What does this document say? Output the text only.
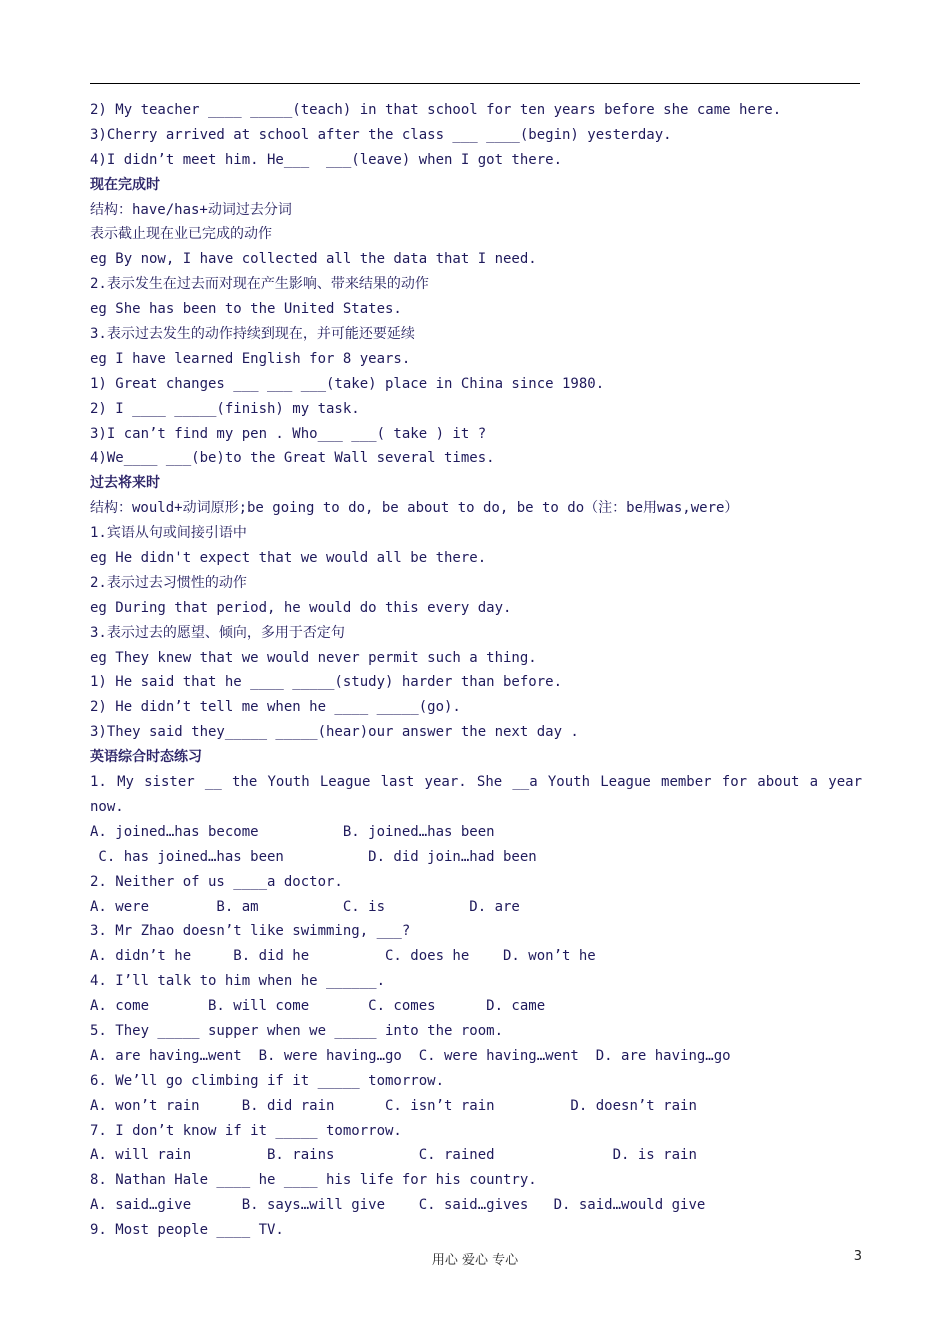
2) My teacher ____ _____(teach) in that school for ten years before she came here.
3)Cherry arrived at school after the class ___ ____(begin) yesterday.
4)I didn’t meet him. He___  ___(leave) when I got there.
现在完成时
结构：have/has+动词过去分词
表示截止现在业已完成的动作
eg By now, I have collected all the data that I need.
2.表示发生在过去而对现在产生影响、带来结果的动作
eg She has been to the United States.
3.表示过去发生的动作持续到现在，并可能还要延续
eg I have learned English for 8 years.
1) Great changes ___ ___ ___(take) place in China since 1980.
2) I ____ _____(finish) my task.
3)I can’t find my pen . Who___ ___( take ) it ?
4)We____ ___(be)to the Great Wall several times.
过去将来时
结构：would+动词原形;be going to do, be about to do, be to do（注：be用was,were）
1.宾语从句或间接引语中
eg He didn't expect that we would all be there.
2.表示过去习惯性的动作
eg During that period, he would do this every day.
3.表示过去的愿望、倾向，多用于否定句
eg They knew that we would never permit such a thing.
1) He said that he ____ _____(study) harder than before.
2) He didn’t tell me when he ____ _____(go).
3)They said they_____ _____(hear)our answer the next day .
英语综合时态练习
1. My sister __ the Youth League last year. She __a Youth League member for about a year
now.
A. joined…has become          B. joined…has been
C. has joined…has been          D. did join…had been
2. Neither of us ____a doctor.
A. were        B. am          C. is          D. are
3. Mr Zhao doesn’t like swimming, ___?
A. didn’t he     B. did he         C. does he    D. won’t he
4. I’ll talk to him when he ______.
A. come       B. will come       C. comes      D. came
5. They _____ supper when we _____ into the room.
A. are having…went  B. were having…go  C. were having…went  D. are having…go
6. We’ll go climbing if it _____ tomorrow.
A. won’t rain     B. did rain      C. isn’t rain         D. doesn’t rain
7. I don’t know if it _____ tomorrow.
A. will rain         B. rains          C. rained              D. is rain
8. Nathan Hale ____ he ____ his life for his country.
A. said…give      B. says…will give    C. said…gives   D. said…would give
9. Most people ____ TV.
用心 爱心 专心	3
